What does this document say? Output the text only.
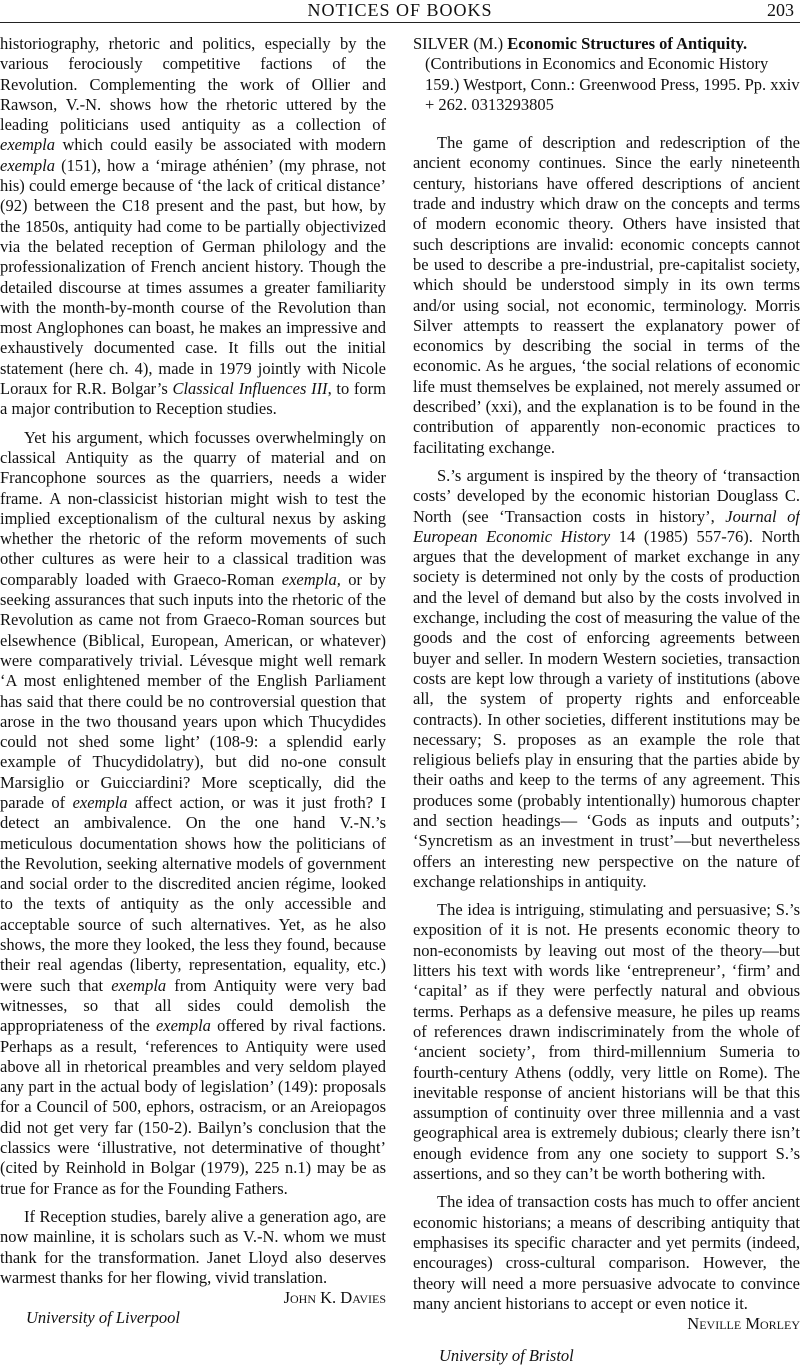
NOTICES OF BOOKS	203

historiography, rhetoric and politics, especially by the various ferociously competitive factions of the Revolution. Complementing the work of Ollier and Rawson, V.-N. shows how the rhetoric uttered by the leading politicians used antiquity as a collection of exempla which could easily be associated with modern exempla (151), how a ‘mirage athénien’ (my phrase, not his) could emerge because of ‘the lack of critical distance’ (92) between the C18 present and the past, but how, by the 1850s, antiquity had come to be partially objectivized via the belated reception of German philology and the professionalization of French ancient history. Though the detailed discourse at times assumes a greater familiarity with the month-by-month course of the Revolution than most Anglophones can boast, he makes an impressive and exhaustively documented case. It fills out the initial statement (here ch. 4), made in 1979 jointly with Nicole Loraux for R.R. Bolgar’s Classical Influences III, to form a major contribution to Reception studies.

Yet his argument, which focusses overwhelmingly on classical Antiquity as the quarry of material and on Francophone sources as the quarriers, needs a wider frame. A non-classicist historian might wish to test the implied exceptionalism of the cultural nexus by asking whether the rhetoric of the reform movements of such other cultures as were heir to a classical tradition was comparably loaded with Graeco-Roman exempla, or by seeking assurances that such inputs into the rhetoric of the Revolution as came not from Graeco-Roman sources but elsewhence (Biblical, European, American, or whatever) were comparatively trivial. Lévesque might well remark ‘A most enlightened member of the English Parliament has said that there could be no controversial question that arose in the two thousand years upon which Thucydides could not shed some light’ (108-9: a splendid early example of Thucydidolatry), but did no-one consult Marsiglio or Guicciardini? More sceptically, did the parade of exempla affect action, or was it just froth? I detect an ambivalence. On the one hand V.-N.’s meticulous documentation shows how the politicians of the Revolution, seeking alternative models of government and social order to the discredited ancien régime, looked to the texts of antiquity as the only accessible and acceptable source of such alternatives. Yet, as he also shows, the more they looked, the less they found, because their real agendas (liberty, representation, equality, etc.) were such that exempla from Antiquity were very bad witnesses, so that all sides could demolish the appropriateness of the exempla offered by rival factions. Perhaps as a result, ‘references to Antiquity were used above all in rhetorical preambles and very seldom played any part in the actual body of legislation’ (149): proposals for a Council of 500, ephors, ostracism, or an Areiopagos did not get very far (150-2). Bailyn’s conclusion that the classics were ‘illustrative, not determinative of thought’ (cited by Reinhold in Bolgar (1979), 225 n.1) may be as true for France as for the Founding Fathers.

If Reception studies, barely alive a generation ago, are now mainline, it is scholars such as V.-N. whom we must thank for the transformation. Janet Lloyd also deserves warmest thanks for her flowing, vivid translation.

John K. Davies
University of Liverpool

SILVER (M.) Economic Structures of Antiquity. (Contributions in Economics and Economic History 159.) Westport, Conn.: Greenwood Press, 1995. Pp. xxiv + 262. 0313293805

The game of description and redescription of the ancient economy continues. Since the early nineteenth century, historians have offered descriptions of ancient trade and industry which draw on the concepts and terms of modern economic theory. Others have insisted that such descriptions are invalid: economic concepts cannot be used to describe a pre-industrial, pre-capitalist society, which should be understood simply in its own terms and/or using social, not economic, terminology. Morris Silver attempts to reassert the explanatory power of economics by describing the social in terms of the economic. As he argues, ‘the social relations of economic life must themselves be explained, not merely assumed or described’ (xxi), and the explanation is to be found in the contribution of apparently non-economic practices to facilitating exchange.

S.’s argument is inspired by the theory of ‘transaction costs’ developed by the economic historian Douglass C. North (see ‘Transaction costs in history’, Journal of European Economic History 14 (1985) 557-76). North argues that the development of market exchange in any society is determined not only by the costs of production and the level of demand but also by the costs involved in exchange, including the cost of measuring the value of the goods and the cost of enforcing agreements between buyer and seller. In modern Western societies, transaction costs are kept low through a variety of institutions (above all, the system of property rights and enforceable contracts). In other societies, different institutions may be necessary; S. proposes as an example the role that religious beliefs play in ensuring that the parties abide by their oaths and keep to the terms of any agreement. This produces some (probably intentionally) humorous chapter and section headings— ‘Gods as inputs and outputs’; ‘Syncretism as an investment in trust’—but nevertheless offers an interesting new perspective on the nature of exchange relationships in antiquity.

The idea is intriguing, stimulating and persuasive; S.’s exposition of it is not. He presents economic theory to non-economists by leaving out most of the theory—but litters his text with words like ‘entrepreneur’, ‘firm’ and ‘capital’ as if they were perfectly natural and obvious terms. Perhaps as a defensive measure, he piles up reams of references drawn indiscriminately from the whole of ‘ancient society’, from third-millennium Sumeria to fourth-century Athens (oddly, very little on Rome). The inevitable response of ancient historians will be that this assumption of continuity over three millennia and a vast geographical area is extremely dubious; clearly there isn’t enough evidence from any one society to support S.’s assertions, and so they can’t be worth bothering with.

The idea of transaction costs has much to offer ancient economic historians; a means of describing antiquity that emphasises its specific character and yet permits (indeed, encourages) cross-cultural comparison. However, the theory will need a more persuasive advocate to convince many ancient historians to accept or even notice it.

Neville Morley
University of Bristol
